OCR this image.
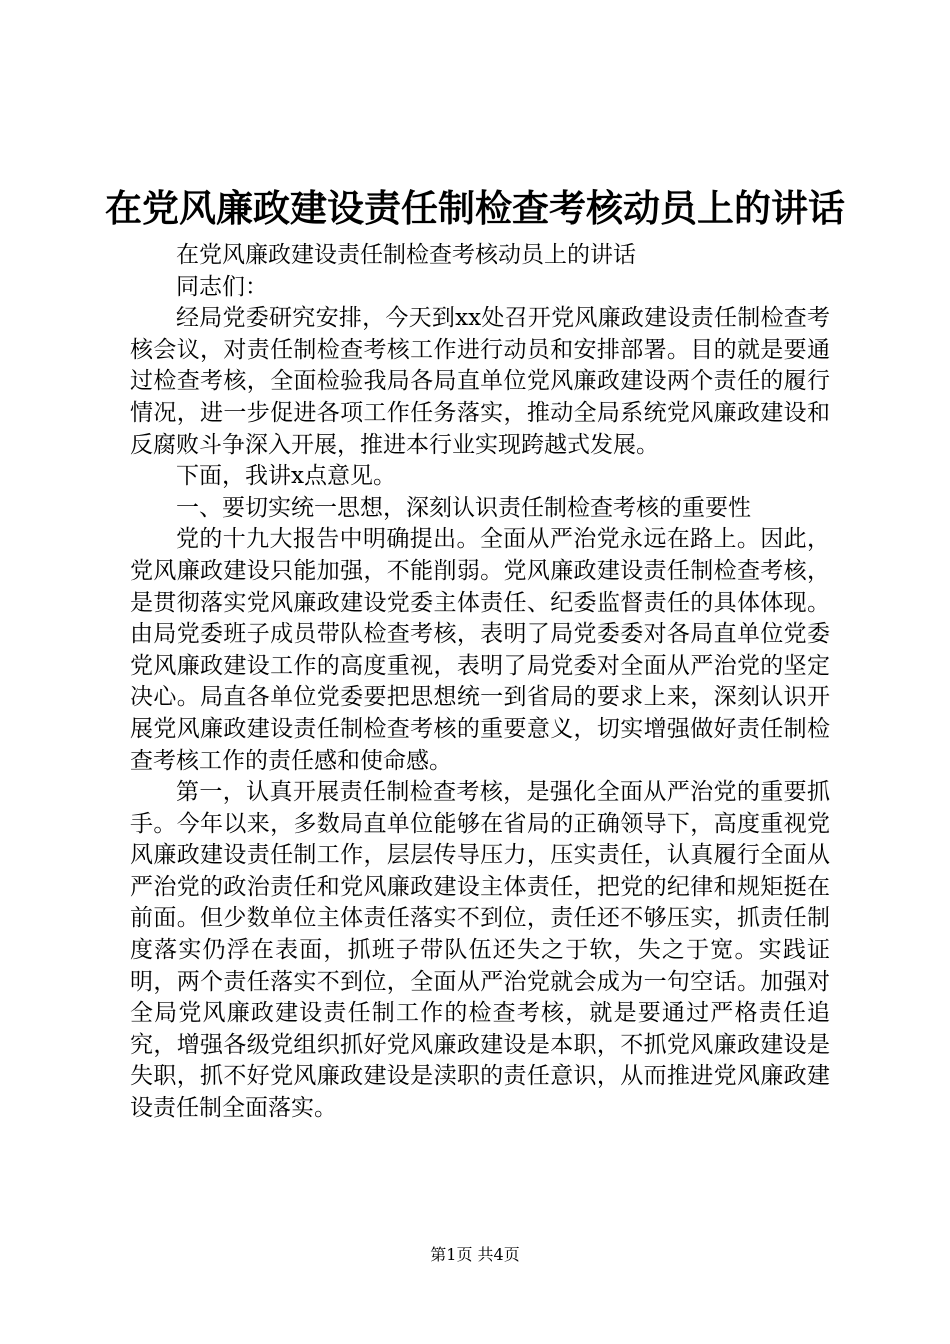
在党风廉政建设责任制检查考核动员上的讲话

在党风廉政建设责任制检查考核动员上的讲话

同志们：

经局党委研究安排，今天到xx处召开党风廉政建设责任制检查考核会议，对责任制检查考核工作进行动员和安排部署。目的就是要通过检查考核，全面检验我局各局直单位党风廉政建设两个责任的履行情况，进一步促进各项工作任务落实，推动全局系统党风廉政建设和反腐败斗争深入开展，推进本行业实现跨越式发展。

下面，我讲x点意见。

一、要切实统一思想，深刻认识责任制检查考核的重要性

党的十九大报告中明确提出。全面从严治党永远在路上。因此，党风廉政建设只能加强，不能削弱。党风廉政建设责任制检查考核，是贯彻落实党风廉政建设党委主体责任、纪委监督责任的具体体现。由局党委班子成员带队检查考核，表明了局党委委对各局直单位党委党风廉政建设工作的高度重视，表明了局党委对全面从严治党的坚定决心。局直各单位党委要把思想统一到省局的要求上来，深刻认识开展党风廉政建设责任制检查考核的重要意义，切实增强做好责任制检查考核工作的责任感和使命感。

第一，认真开展责任制检查考核，是强化全面从严治党的重要抓手。今年以来，多数局直单位能够在省局的正确领导下，高度重视党风廉政建设责任制工作，层层传导压力，压实责任，认真履行全面从严治党的政治责任和党风廉政建设主体责任，把党的纪律和规矩挺在前面。但少数单位主体责任落实不到位，责任还不够压实，抓责任制度落实仍浮在表面，抓班子带队伍还失之于软，失之于宽。实践证明，两个责任落实不到位，全面从严治党就会成为一句空话。加强对全局党风廉政建设责任制工作的检查考核，就是要通过严格责任追究，增强各级党组织抓好党风廉政建设是本职，不抓党风廉政建设是失职，抓不好党风廉政建设是渎职的责任意识，从而推进党风廉政建设责任制全面落实。

第1页 共4页
